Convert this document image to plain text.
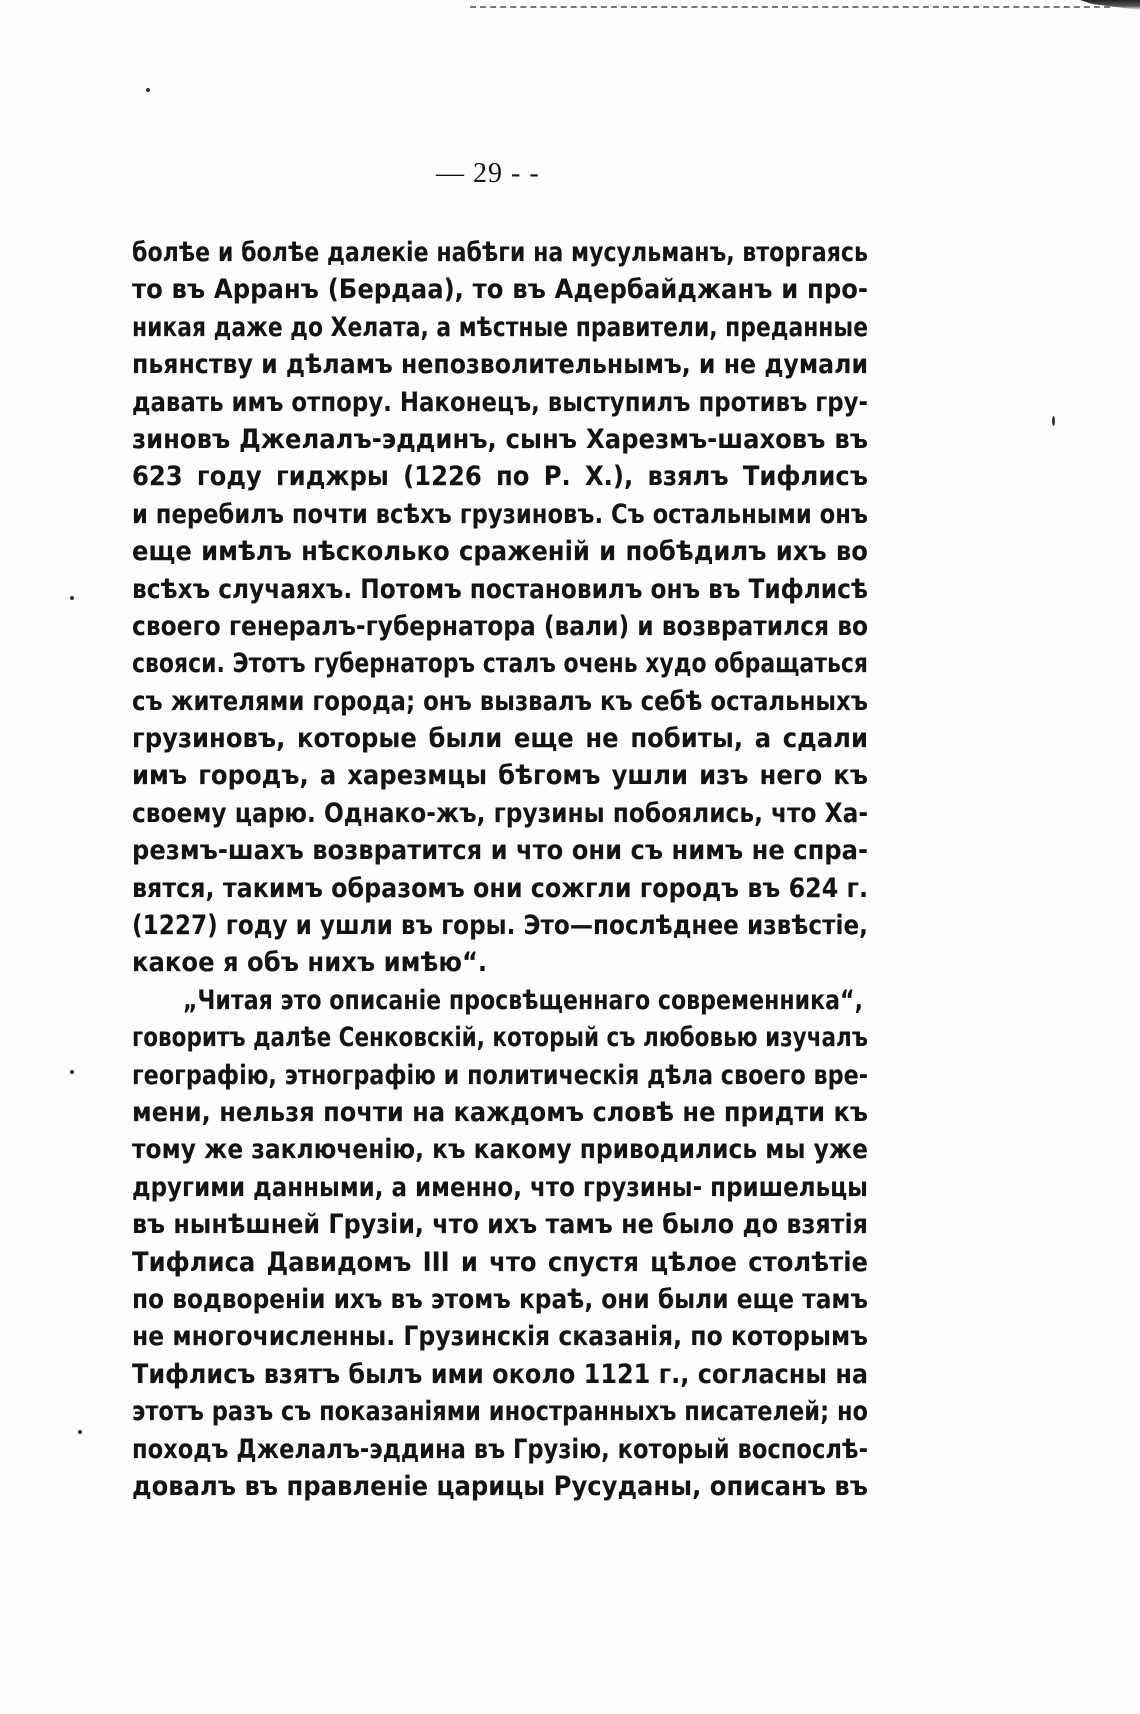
— 29 - -
болѣе и болѣе далекіе набѣги на мусульманъ, вторгаясь
то въ Арранъ (Бердаа), то въ Адербайджанъ и про-
никая даже до Хелата, а мѣстные правители, преданные
пьянству и дѣламъ непозволительнымъ, и не думали
давать имъ отпору. Наконецъ, выступилъ противъ гру-
зиновъ Джелалъ-эддинъ, сынъ Харезмъ-шаховъ въ
623 году гиджры (1226 по Р. X.), взялъ Тифлисъ
и перебилъ почти всѣхъ грузиновъ. Съ остальными онъ
еще имѣлъ нѣсколько сраженій и побѣдилъ ихъ во
всѣхъ случаяхъ. Потомъ постановилъ онъ въ Тифлисѣ
своего генералъ-губернатора (вали) и возвратился во
свояси. Этотъ губернаторъ сталъ очень худо обращаться
съ жителями города; онъ вызвалъ къ себѣ остальныхъ
грузиновъ, которые были еще не побиты, а сдали
имъ городъ, а харезмцы бѣгомъ ушли изъ него къ
своему царю. Однако-жъ, грузины побоялись, что Ха-
резмъ-шахъ возвратится и что они съ нимъ не спра-
вятся, такимъ образомъ они сожгли городъ въ 624 г.
(1227) году и ушли въ горы. Это—послѣднее извѣстіе,
какое я объ нихъ имѣю“.
„Читая это описаніе просвѣщеннаго современника“,
говоритъ далѣе Сенковскій, который съ любовью изучалъ
географію, этнографію и политическія дѣла своего вре-
мени, нельзя почти на каждомъ словѣ не придти къ
тому же заключенію, къ какому приводились мы уже
другими данными, а именно, что грузины- пришельцы
въ нынѣшней Грузіи, что ихъ тамъ не было до взятія
Тифлиса Давидомъ III и что спустя цѣлое столѣтіе
по водвореніи ихъ въ этомъ краѣ, они были еще тамъ
не многочисленны. Грузинскія сказанія, по которымъ
Тифлисъ взятъ былъ ими около 1121 г., согласны на
этотъ разъ съ показаніями иностранныхъ писателей; но
походъ Джелалъ-эддина въ Грузію, который воспослѣ-
довалъ въ правленіе царицы Русуданы, описанъ въ
